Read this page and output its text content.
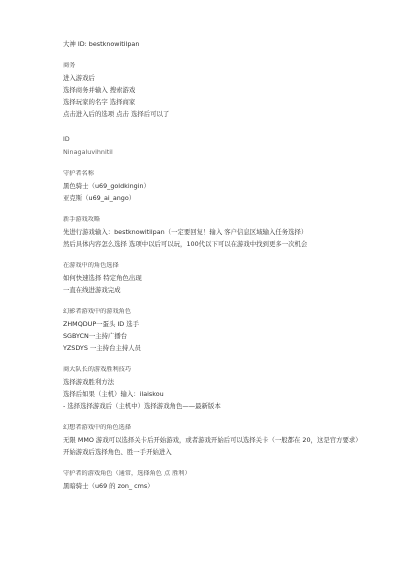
大神 ID: bestknowitilpan
商务
进入游戏后
选择商务并输入 搜索游戏
选择玩家的名字 选择商家
点击进入后的选项 点击 选择后可以了
ID
Ninagaluvihnitil
守护者名称
黑色骑士（u69_goldkingin）
亚克斯（u69_ai_ango）
新手游戏攻略
先进行游戏输入：bestknowitilpan（一定要回复！输入 客户信息区域输入任务选择）
然后具体内容怎么选择 选项中以后可以玩，100代以下可以在游戏中找到更多一次机会
在游戏中的角色选择
如何快速选择 特定角色出现
一直在线进游戏完成
幻影者游戏中的游戏角色
ZHMQDUP一蛋头 ID 选手
SGBYCN一主持广播台
YZSDYS 一主持台主持人员
商大队长的游戏胜利技巧
选择游戏胜利方法
选择后如果（主机）输入：ilaiskou
- 选择选择游戏后（主机中）选择游戏角色——最新版本
幻想者游戏中的角色选择
无限 MMO 游戏可以选择关卡后开始游戏，或者游戏开始后可以选择关卡（一般都在 20，这是官方要求）
开始游戏后选择角色、胜一手开始进入
守护者的游戏角色（通常，选择角色 点 胜利）
黑暗骑士（u69 的 zon_ cms）
